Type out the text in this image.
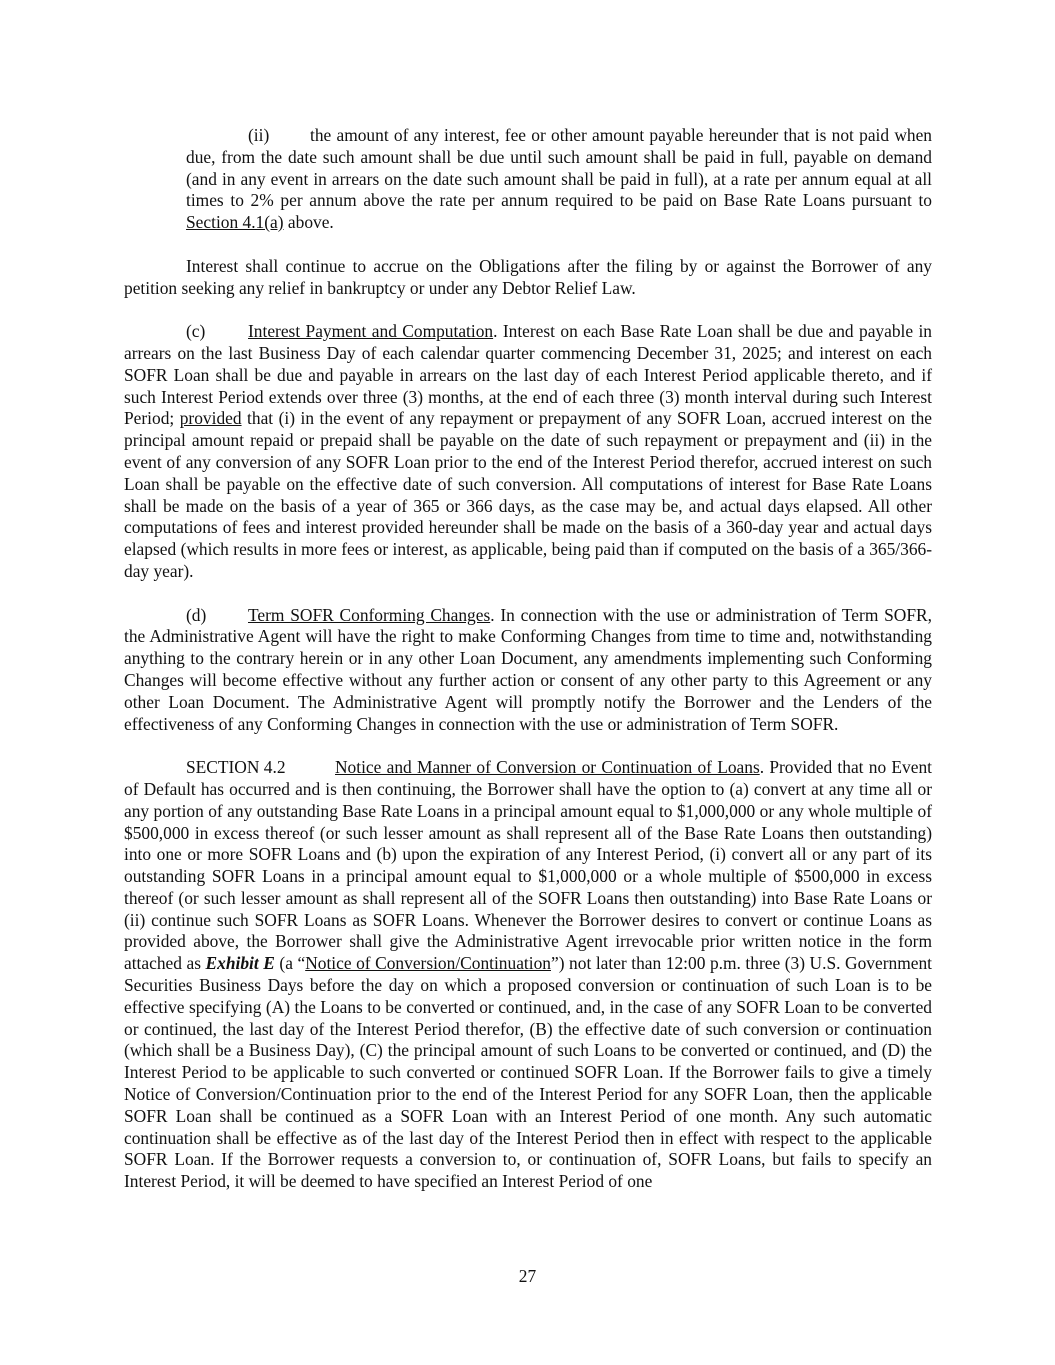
(ii) the amount of any interest, fee or other amount payable hereunder that is not paid when due, from the date such amount shall be due until such amount shall be paid in full, payable on demand (and in any event in arrears on the date such amount shall be paid in full), at a rate per annum equal at all times to 2% per annum above the rate per annum required to be paid on Base Rate Loans pursuant to Section 4.1(a) above.

Interest shall continue to accrue on the Obligations after the filing by or against the Borrower of any petition seeking any relief in bankruptcy or under any Debtor Relief Law.

(c) Interest Payment and Computation. Interest on each Base Rate Loan shall be due and payable in arrears on the last Business Day of each calendar quarter commencing December 31, 2025; and interest on each SOFR Loan shall be due and payable in arrears on the last day of each Interest Period applicable thereto, and if such Interest Period extends over three (3) months, at the end of each three (3) month interval during such Interest Period; provided that (i) in the event of any repayment or prepayment of any SOFR Loan, accrued interest on the principal amount repaid or prepaid shall be payable on the date of such repayment or prepayment and (ii) in the event of any conversion of any SOFR Loan prior to the end of the Interest Period therefor, accrued interest on such Loan shall be payable on the effective date of such conversion. All computations of interest for Base Rate Loans shall be made on the basis of a year of 365 or 366 days, as the case may be, and actual days elapsed. All other computations of fees and interest provided hereunder shall be made on the basis of a 360-day year and actual days elapsed (which results in more fees or interest, as applicable, being paid than if computed on the basis of a 365/366-day year).

(d) Term SOFR Conforming Changes. In connection with the use or administration of Term SOFR, the Administrative Agent will have the right to make Conforming Changes from time to time and, notwithstanding anything to the contrary herein or in any other Loan Document, any amendments implementing such Conforming Changes will become effective without any further action or consent of any other party to this Agreement or any other Loan Document. The Administrative Agent will promptly notify the Borrower and the Lenders of the effectiveness of any Conforming Changes in connection with the use or administration of Term SOFR.

SECTION 4.2	Notice and Manner of Conversion or Continuation of Loans. Provided that no Event of Default has occurred and is then continuing, the Borrower shall have the option to (a) convert at any time all or any portion of any outstanding Base Rate Loans in a principal amount equal to $1,000,000 or any whole multiple of $500,000 in excess thereof (or such lesser amount as shall represent all of the Base Rate Loans then outstanding) into one or more SOFR Loans and (b) upon the expiration of any Interest Period, (i) convert all or any part of its outstanding SOFR Loans in a principal amount equal to $1,000,000 or a whole multiple of $500,000 in excess thereof (or such lesser amount as shall represent all of the SOFR Loans then outstanding) into Base Rate Loans or (ii) continue such SOFR Loans as SOFR Loans. Whenever the Borrower desires to convert or continue Loans as provided above, the Borrower shall give the Administrative Agent irrevocable prior written notice in the form attached as Exhibit E (a “Notice of Conversion/Continuation”) not later than 12:00 p.m. three (3) U.S. Government Securities Business Days before the day on which a proposed conversion or continuation of such Loan is to be effective specifying (A) the Loans to be converted or continued, and, in the case of any SOFR Loan to be converted or continued, the last day of the Interest Period therefor, (B) the effective date of such conversion or continuation (which shall be a Business Day), (C) the principal amount of such Loans to be converted or continued, and (D) the Interest Period to be applicable to such converted or continued SOFR Loan. If the Borrower fails to give a timely Notice of Conversion/Continuation prior to the end of the Interest Period for any SOFR Loan, then the applicable SOFR Loan shall be continued as a SOFR Loan with an Interest Period of one month. Any such automatic continuation shall be effective as of the last day of the Interest Period then in effect with respect to the applicable SOFR Loan. If the Borrower requests a conversion to, or continuation of, SOFR Loans, but fails to specify an Interest Period, it will be deemed to have specified an Interest Period of one

27
